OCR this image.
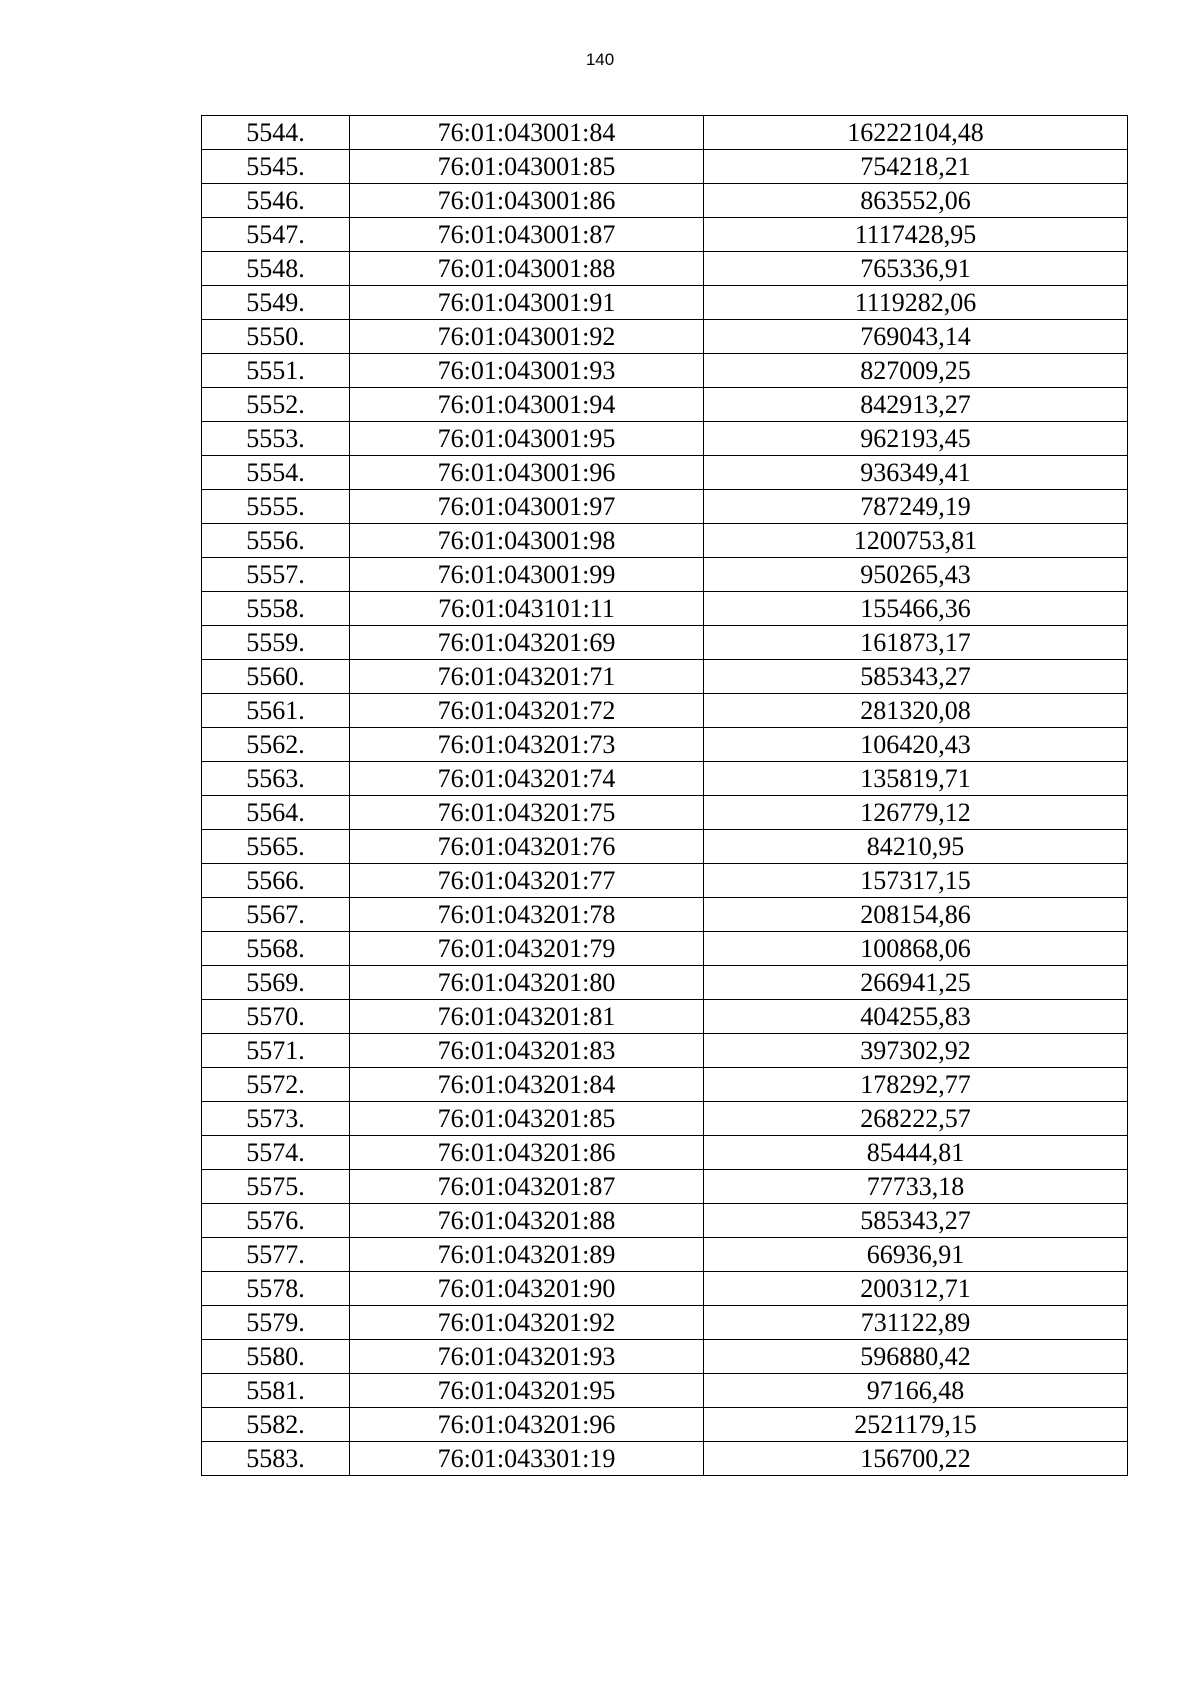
140
5544.	76:01:043001:84	16222104,48
5545.	76:01:043001:85	754218,21
5546.	76:01:043001:86	863552,06
5547.	76:01:043001:87	1117428,95
5548.	76:01:043001:88	765336,91
5549.	76:01:043001:91	1119282,06
5550.	76:01:043001:92	769043,14
5551.	76:01:043001:93	827009,25
5552.	76:01:043001:94	842913,27
5553.	76:01:043001:95	962193,45
5554.	76:01:043001:96	936349,41
5555.	76:01:043001:97	787249,19
5556.	76:01:043001:98	1200753,81
5557.	76:01:043001:99	950265,43
5558.	76:01:043101:11	155466,36
5559.	76:01:043201:69	161873,17
5560.	76:01:043201:71	585343,27
5561.	76:01:043201:72	281320,08
5562.	76:01:043201:73	106420,43
5563.	76:01:043201:74	135819,71
5564.	76:01:043201:75	126779,12
5565.	76:01:043201:76	84210,95
5566.	76:01:043201:77	157317,15
5567.	76:01:043201:78	208154,86
5568.	76:01:043201:79	100868,06
5569.	76:01:043201:80	266941,25
5570.	76:01:043201:81	404255,83
5571.	76:01:043201:83	397302,92
5572.	76:01:043201:84	178292,77
5573.	76:01:043201:85	268222,57
5574.	76:01:043201:86	85444,81
5575.	76:01:043201:87	77733,18
5576.	76:01:043201:88	585343,27
5577.	76:01:043201:89	66936,91
5578.	76:01:043201:90	200312,71
5579.	76:01:043201:92	731122,89
5580.	76:01:043201:93	596880,42
5581.	76:01:043201:95	97166,48
5582.	76:01:043201:96	2521179,15
5583.	76:01:043301:19	156700,22
